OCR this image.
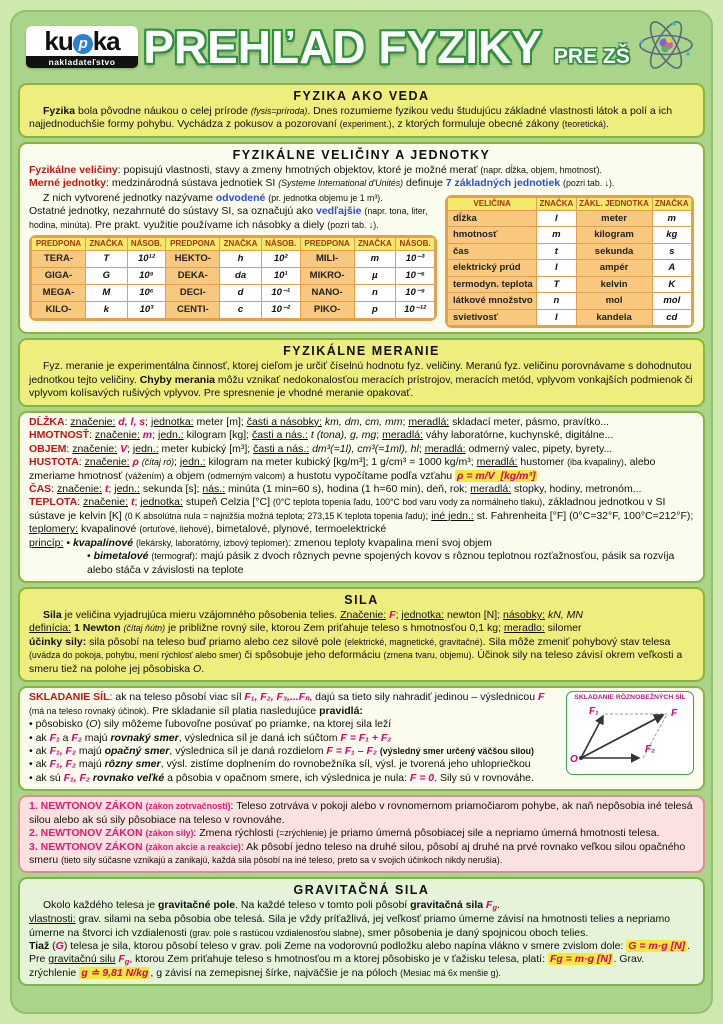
ku p ka
nakladateľstvo PREHĽAD FYZIKY PRE ZŠ
FYZIKA AKO VEDA
Fyzika bola pôvodne náukou o celej prírode (fysis=príroda). Dnes rozumieme fyzikou vedu študujúcu základné vlastnosti látok a polí a ich najjednoduchšie formy pohybu. Vychádza z pokusov a pozorovaní (experiment.), z ktorých formuluje obecné zákony (teoretická).
FYZIKÁLNE VELIČINY A JEDNOTKY
Fyzikálne veličiny: popisujú vlastnosti, stavy a zmeny hmotných objektov, ktoré je možné merať (napr. dĺžka, objem, hmotnosť).
Merné jednotky: medzinárodná sústava jednotiek SI (Systeme International d'Unités) definuje 7 základných jednotiek (pozri tab. ↓).
Z nich vytvorené jednotky nazývame odvodené (pr. jednotka objemu je 1 m³).
Ostatné jednotky, nezahrnuté do sústavy SI, sa označujú ako vedľajšie (napr. tona, liter, hodina, minúta). Pre prakt. využitie používame ich násobky a diely (pozri tab. ↓).
PREDPONA	ZNAČKA	NÁSOB.	PREDPONA	ZNAČKA	NÁSOB.	PREDPONA	ZNAČKA	NÁSOB.
TERA-	T	10¹²	HEKTO-	h	10²	MILI-	m	10⁻³
GIGA-	G	10⁹	DEKA-	da	10¹	MIKRO-	µ	10⁻⁶
MEGA-	M	10⁶	DECI-	d	10⁻¹	NANO-	n	10⁻⁹
KILO-	k	10³	CENTI-	c	10⁻²	PIKO-	p	10⁻¹²
VELIČINA	ZNAČKA	ZÁKL. JEDNOTKA	ZNAČKA
dĺžka	l	meter	m
hmotnosť	m	kilogram	kg
čas	t	sekunda	s
elektrický prúd	I	ampér	A
termodyn. teplota	T	kelvin	K
látkové množstvo	n	mol	mol
svietivosť	I	kandela	cd
FYZIKÁLNE MERANIE
Fyz. meranie je experimentálna činnosť, ktorej cieľom je určiť číselnú hodnotu fyz. veličiny. Meranú fyz. veličinu porovnávame s dohodnutou jednotkou tejto veličiny. Chyby merania môžu vznikať nedokonalosťou meracích prístrojov, meracích metód, vplyvom vonkajších podmienok či vplyvom kolísavých rušivých vplyvov. Pre spresnenie je vhodné meranie opakovať.
DĹŽKA: značenie: d, l, s; jednotka: meter [m]; časti a násobky: km, dm, cm, mm; meradlá: skladací meter, pásmo, pravítko...
HMOTNOSŤ: značenie: m; jedn.: kilogram [kg]; časti a nás.: t (tona), g, mg; meradlá: váhy laboratórne, kuchynské, digitálne...
OBJEM: značenie: V; jedn.: meter kubický [m³]; časti a nás.: dm³(=1l), cm³(=1ml), hl; meradlá: odmerný valec, pipety, byrety...
HUSTOTA: značenie: ρ (čítaj ró); jedn.: kilogram na meter kubický [kg/m³]; 1 g/cm³ = 1000 kg/m³; meradlá: hustomer (iba kvapaliny), alebo zmeriame hmotnosť (vážením) a objem (odmerným valcom) a hustotu vypočítame podľa vzťahu ρ = m/V  [kg/m³]
ČAS: značenie: t; jedn.: sekunda [s]; nás.: minúta (1 min=60 s), hodina (1 h=60 min), deň, rok; meradlá: stopky, hodiny, metronóm...
TEPLOTA: značenie: t; jednotka: stupeň Celzia [°C] (0°C teplota topenia ľadu, 100°C bod varu vody za normálneho tlaku), základnou jednotkou v SI sústave je kelvin [K] (0 K absolútna nula = najnižšia možná teplota; 273,15 K teplota topenia ľadu); iné jedn.: st. Fahrenheita [°F] (0°C=32°F, 100°C=212°F); teplomery: kvapalinové (ortuťové, liehové), bimetalové, plynové, termoelektrické
princíp: • kvapalinové (lekársky, laboratórny, izbový teplomer): zmenou teploty kvapalina mení svoj objem
• bimetalové (termograf): majú pásik z dvoch rôznych pevne spojených kovov s rôznou teplotnou rozťažnosťou, pásik sa rozvíja alebo stáča v závislosti na teplote
SILA
Sila je veličina vyjadrujúca mieru vzájomného pôsobenia telies. Značenie: F; jednotka: newton [N]; násobky: kN, MN
definícia: 1 Newton (čítaj ňútn) je približne rovný sile, ktorou Zem priťahuje teleso s hmotnosťou 0,1 kg; meradlo: silomer
účinky sily: sila pôsobí na teleso buď priamo alebo cez silové pole (elektrické, magnetické, gravitačné). Sila môže zmeniť pohybový stav telesa (uvádza do pokoja, pohybu, mení rýchlosť alebo smer) či spôsobuje jeho deformáciu (zmena tvaru, objemu). Účinok sily na teleso závisí okrem veľkosti a smeru tiež na polohe jej pôsobiska O.
SKLADANIE RÔZNOBEŽNÝCH SÍL
F₁	F
F₂
O
SKLADANIE SÍL: ak na teleso pôsobí viac síl F₁, F₂, F₃,...Fₙ, dajú sa tieto sily nahradiť jedinou – výslednicou F (má na teleso rovnaký účinok). Pre skladanie síl platia nasledujúce pravidlá:
• pôsobisko (O) sily môžeme ľubovoľne posúvať po priamke, na ktorej sila leží
• ak F₁ a F₂ majú rovnaký smer, výslednica síl je daná ich súčtom F = F₁ + F₂
• ak F₁, F₂ majú opačný smer, výslednica síl je daná rozdielom F = F₁ – F₂ (výsledný smer určený väčšou silou)
• ak F₁, F₂ majú rôzny smer, výsl. zistíme doplnením do rovnobežníka síl, výsl. je tvorená jeho uhlopriečkou
• ak sú F₁, F₂ rovnako veľké a pôsobia v opačnom smere, ich výslednica je nula: F = 0. Sily sú v rovnováhe.
1. NEWTONOV ZÁKON (zákon zotrvačnosti): Teleso zotrváva v pokoji alebo v rovnomernom priamočiarom pohybe, ak naň nepôsobia iné telesá silou alebo ak sú sily pôsobiace na teleso v rovnováhe.
2. NEWTONOV ZÁKON (zákon sily): Zmena rýchlosti (=zrýchlenie) je priamo úmerná pôsobiacej sile a nepriamo úmerná hmotnosti telesa.
3. NEWTONOV ZÁKON (zákon akcie a reakcie): Ak pôsobí jedno teleso na druhé silou, pôsobí aj druhé na prvé rovnako veľkou silou opačného smeru (tieto sily súčasne vznikajú a zanikajú, každá sila pôsobí na iné teleso, preto sa v svojich účinkoch nikdy nerušia).
GRAVITAČNÁ SILA
Okolo každého telesa je gravitačné pole. Na každé teleso v tomto poli pôsobí gravitačná sila Fg.
vlastnosti: grav. silami na seba pôsobia obe telesá. Sila je vždy príťažlivá, jej veľkosť priamo úmerne závisí na hmotnosti telies a nepriamo úmerne na štvorci ich vzdialenosti (grav. pole s rastúcou vzdialenosťou slabne), smer pôsobenia je daný spojnicou oboch telies.
Tiaž (G) telesa je sila, ktorou pôsobí teleso v grav. poli Zeme na vodorovnú podložku alebo napína vlákno v smere zvislom dole: G = m·g [N] . Pre gravitačnú silu Fg, ktorou Zem priťahuje teleso s hmotnosťou m a ktorej pôsobisko je v ťažisku telesa, platí: Fg = m·g [N] . Grav. zrýchlenie g ≐ 9,81 N/kg , g závisí na zemepisnej šírke, najväčšie je na póloch (Mesiac má 6x menšie g).
